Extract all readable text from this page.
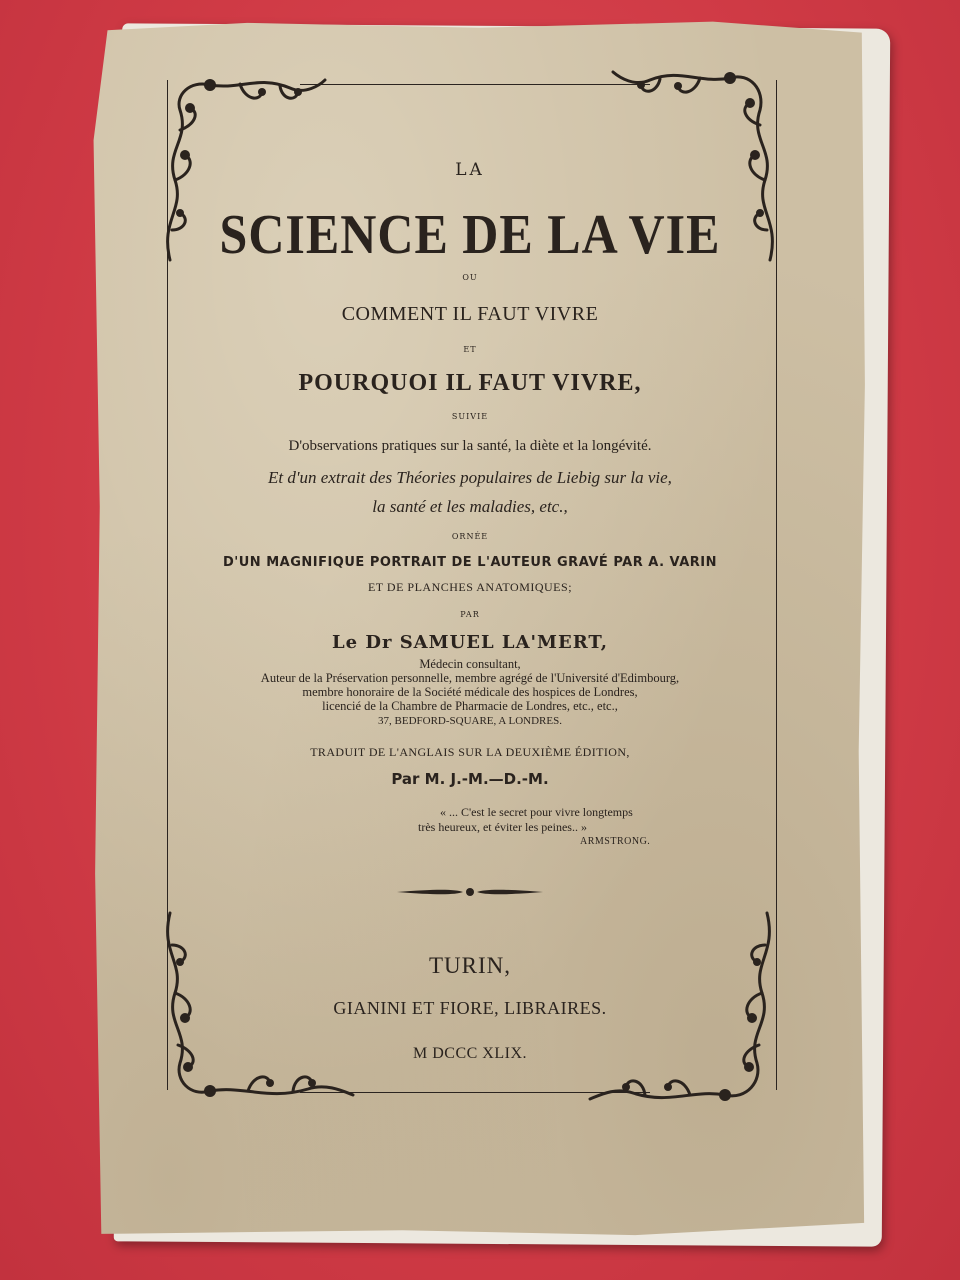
LA
SCIENCE DE LA VIE
OU
COMMENT IL FAUT VIVRE
ET
POURQUOI IL FAUT VIVRE,
SUIVIE
D'observations pratiques sur la santé, la diète et la longévité.
Et d'un extrait des Théories populaires de Liebig sur la vie,
la santé et les maladies, etc.,
ORNÉE
D'UN MAGNIFIQUE PORTRAIT DE L'AUTEUR GRAVÉ PAR A. VARIN
ET DE PLANCHES ANATOMIQUES;
PAR
Le Dr SAMUEL LA'MERT,
Médecin consultant,
Auteur de la Préservation personnelle, membre agrégé de l'Université d'Edimbourg,
membre honoraire de la Société médicale des hospices de Londres,
licencié de la Chambre de Pharmacie de Londres, etc., etc.,
37, BEDFORD-SQUARE, A LONDRES.
TRADUIT DE L'ANGLAIS SUR LA DEUXIÈME ÉDITION,
Par M. J.-M.—D.-M.
« ... C'est le secret pour vivre longtemps
très heureux, et éviter les peines.. »
ARMSTRONG.
TURIN,
GIANINI ET FIORE, LIBRAIRES.
M DCCC XLIX.
